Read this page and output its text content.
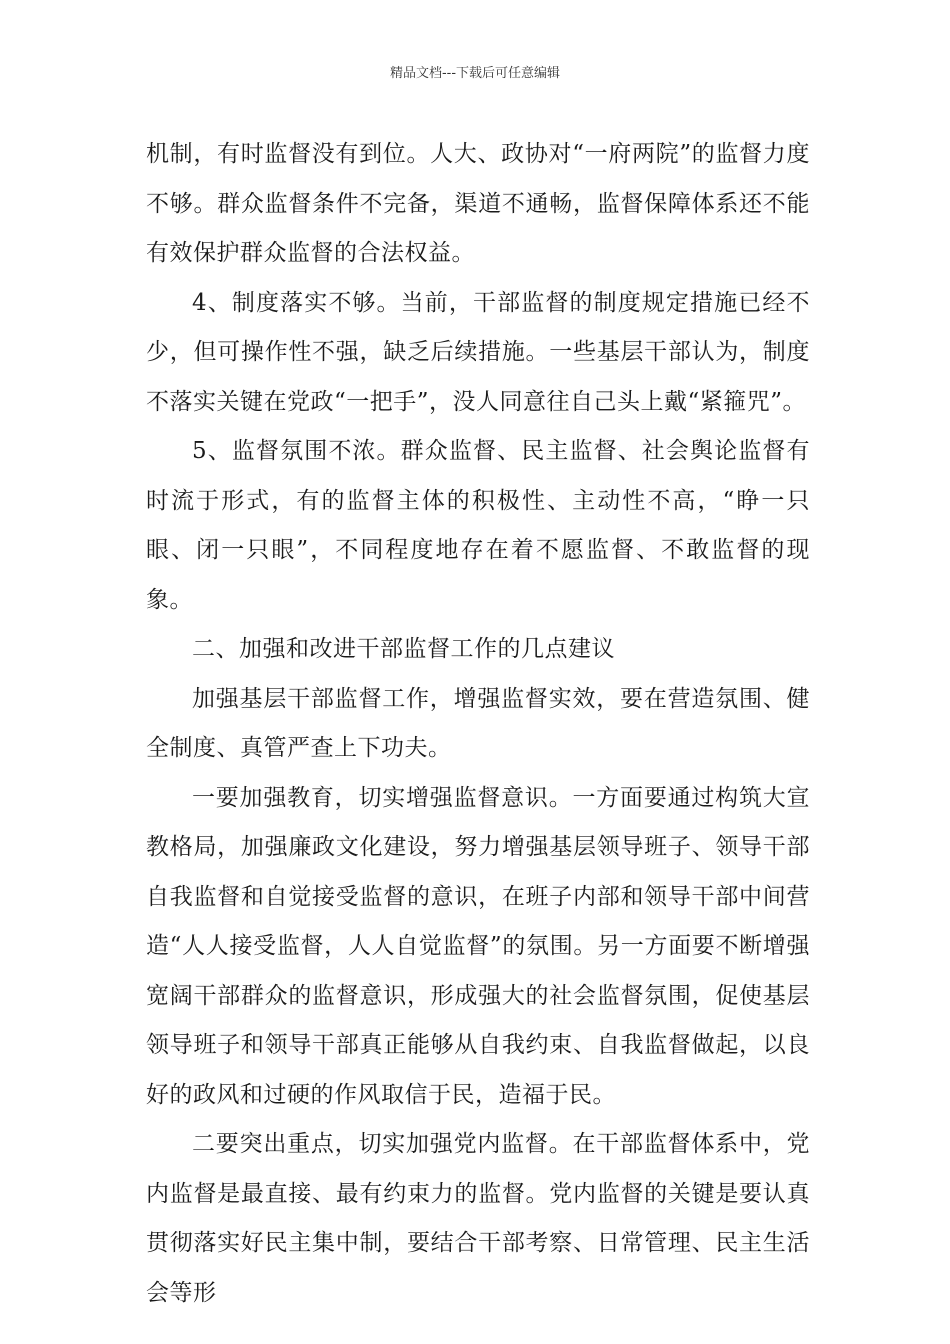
精品文档---下载后可任意编辑

机制，有时监督没有到位。人大、政协对“一府两院”的监督力度不够。群众监督条件不完备，渠道不通畅，监督保障体系还不能有效保护群众监督的合法权益。

4、制度落实不够。当前，干部监督的制度规定措施已经不少，但可操作性不强，缺乏后续措施。一些基层干部认为，制度不落实关键在党政“一把手”，没人同意往自己头上戴“紧箍咒”。

5、监督氛围不浓。群众监督、民主监督、社会舆论监督有时流于形式，有的监督主体的积极性、主动性不高，“睁一只眼、闭一只眼”，不同程度地存在着不愿监督、不敢监督的现象。

二、加强和改进干部监督工作的几点建议

加强基层干部监督工作，增强监督实效，要在营造氛围、健全制度、真管严查上下功夫。

一要加强教育，切实增强监督意识。一方面要通过构筑大宣教格局，加强廉政文化建设，努力增强基层领导班子、领导干部自我监督和自觉接受监督的意识，在班子内部和领导干部中间营造“人人接受监督，人人自觉监督”的氛围。另一方面要不断增强宽阔干部群众的监督意识，形成强大的社会监督氛围，促使基层领导班子和领导干部真正能够从自我约束、自我监督做起，以良好的政风和过硬的作风取信于民，造福于民。

二要突出重点，切实加强党内监督。在干部监督体系中，党内监督是最直接、最有约束力的监督。党内监督的关键是要认真贯彻落实好民主集中制，要结合干部考察、日常管理、民主生活会等形
